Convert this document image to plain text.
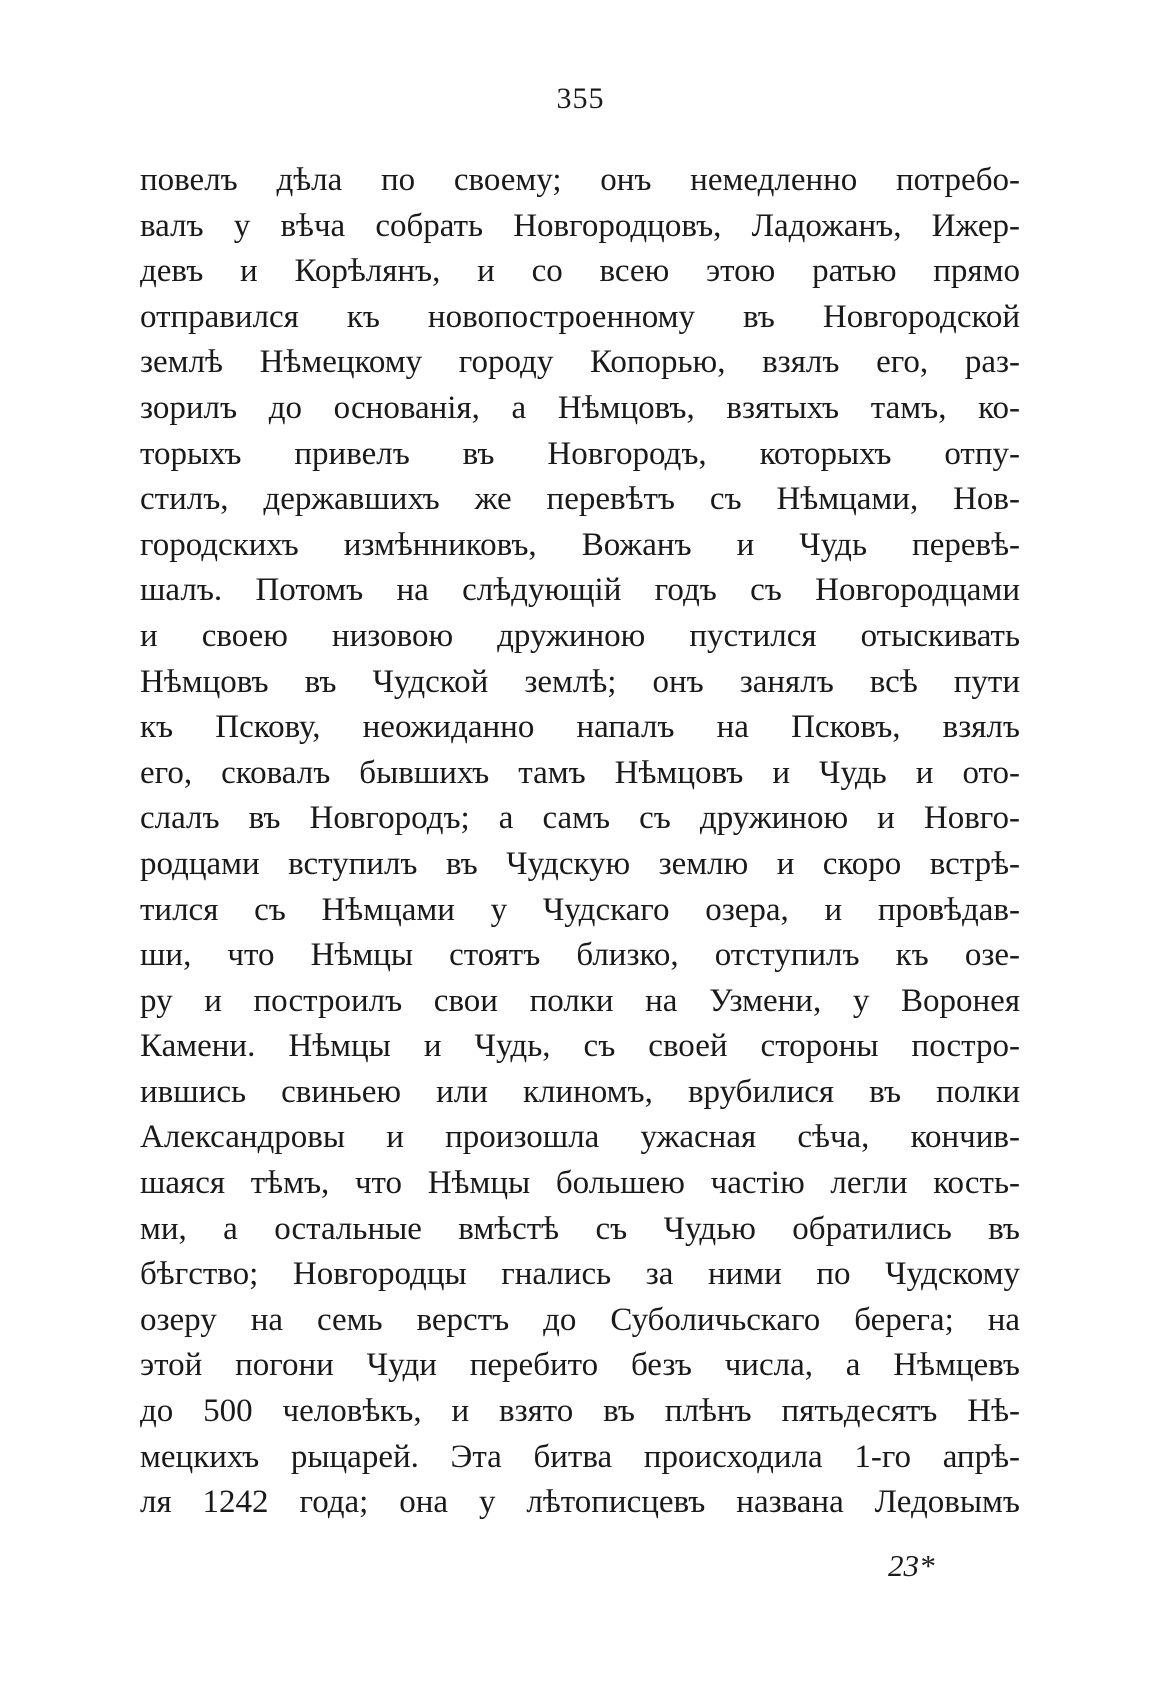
355
повелъ дѣла по своему; онъ немедленно потребо-
валъ у вѣча собрать Новгородцовъ, Ладожанъ, Ижер-
девъ и Корѣлянъ, и со всею этою ратью прямо
отправился къ новопостроенному въ Новгородской
землѣ Нѣмецкому городу Копорью, взялъ его, раз-
зорилъ до основанія, а Нѣмцовъ, взятыхъ тамъ, ко-
торыхъ привелъ въ Новгородъ, которыхъ отпу-
стилъ, державшихъ же перевѣтъ съ Нѣмцами, Нов-
городскихъ измѣнниковъ, Вожанъ и Чудь перевѣ-
шалъ. Потомъ на слѣдующій годъ съ Новгородцами
и своею низовою дружиною пустился отыскивать
Нѣмцовъ въ Чудской землѣ; онъ занялъ всѣ пути
къ Пскову, неожиданно напалъ на Псковъ, взялъ
его, сковалъ бывшихъ тамъ Нѣмцовъ и Чудь и ото-
слалъ въ Новгородъ; а самъ съ дружиною и Новго-
родцами вступилъ въ Чудскую землю и скоро встрѣ-
тился съ Нѣмцами у Чудскаго озера, и провѣдав-
ши, что Нѣмцы стоятъ близко, отступилъ къ озе-
ру и построилъ свои полки на Узмени, у Воронея
Камени. Нѣмцы и Чудь, съ своей стороны постро-
ившись свиньею или клиномъ, врубилися въ полки
Александровы и произошла ужасная сѣча, кончив-
шаяся тѣмъ, что Нѣмцы большею частію легли кость-
ми, а остальные вмѣстѣ съ Чудью обратились въ
бѣгство; Новгородцы гнались за ними по Чудскому
озеру на семь верстъ до Суболичьскаго берега; на
этой погони Чуди перебито безъ числа, а Нѣмцевъ
до 500 человѣкъ, и взято въ плѣнъ пятьдесятъ Нѣ-
мецкихъ рыцарей. Эта битва происходила 1-го апрѣ-
ля 1242 года; она у лѣтописцевъ названа Ледовымъ
23*
